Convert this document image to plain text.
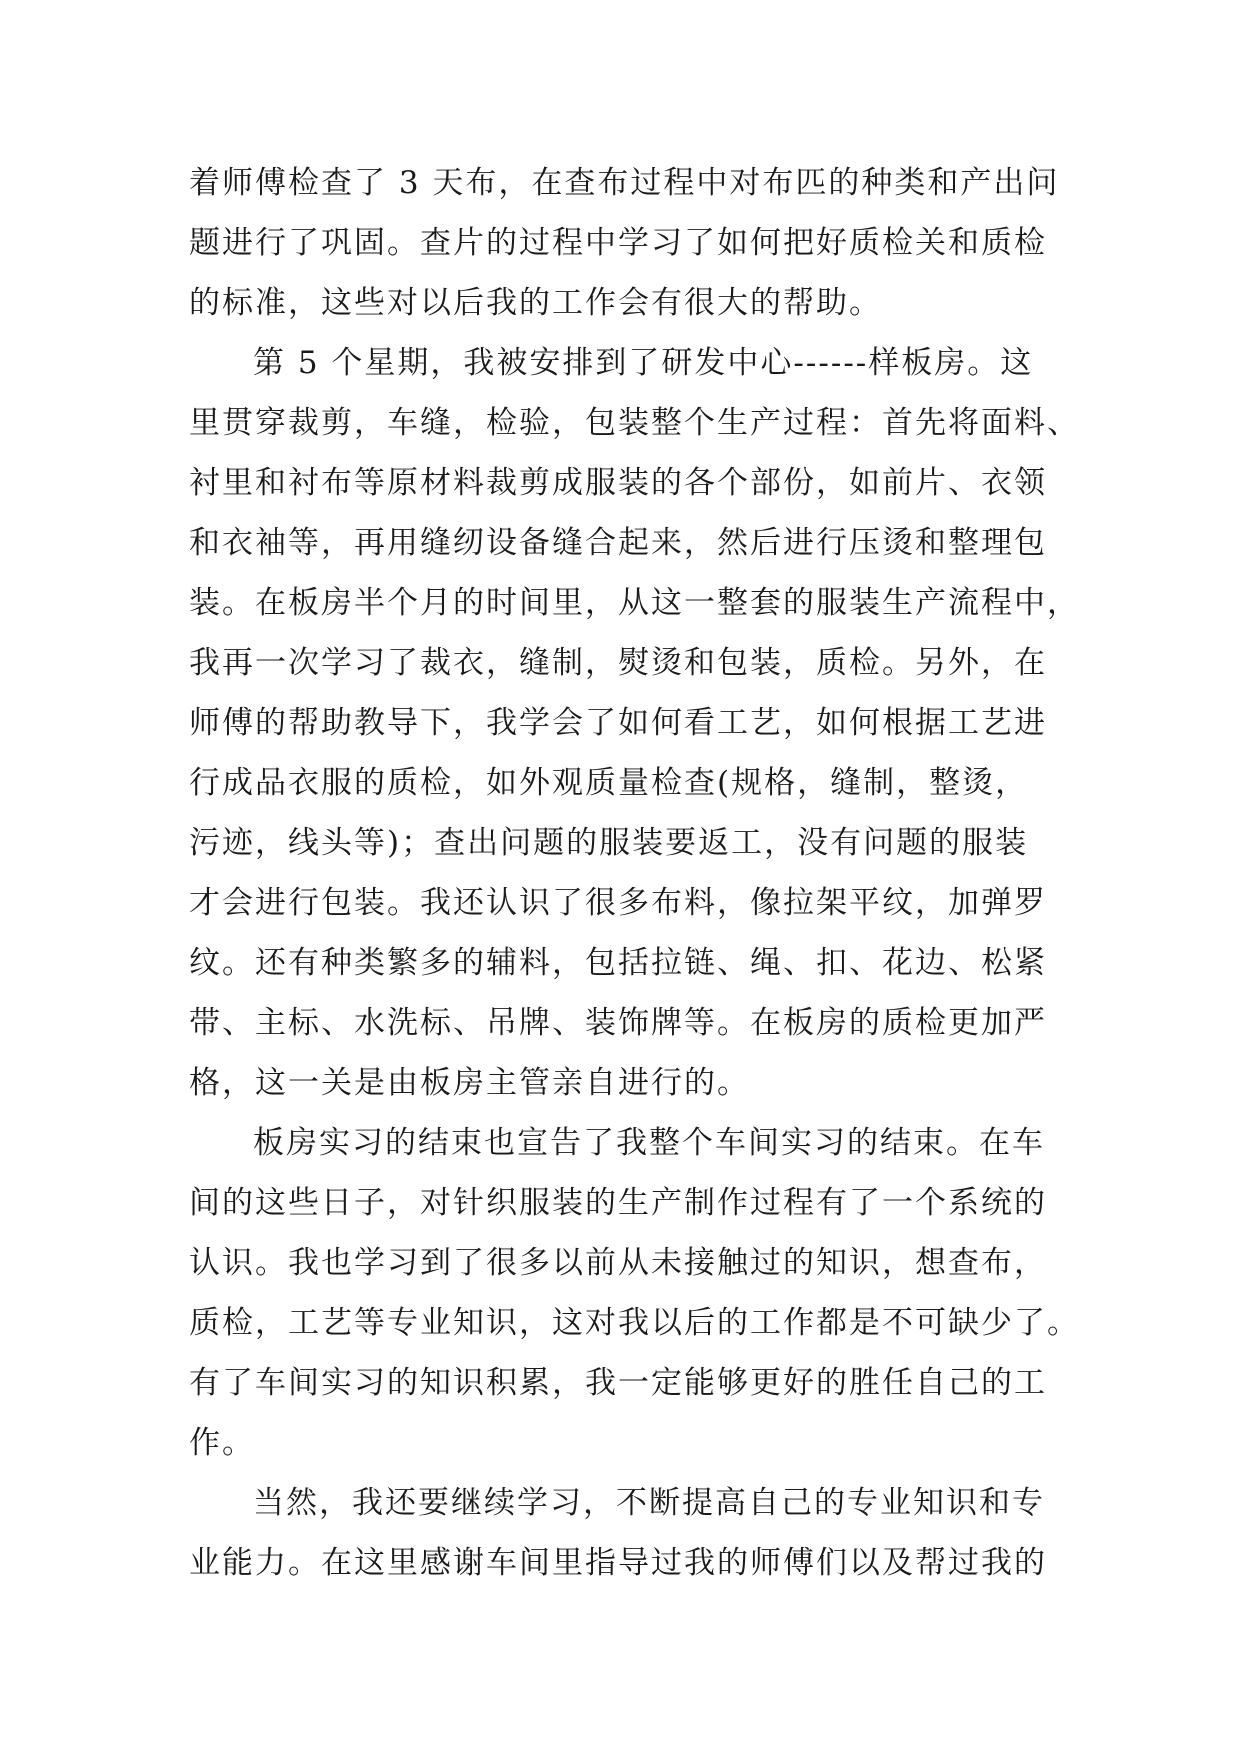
着师傅检查了 3 天布，在查布过程中对布匹的种类和产出问
题进行了巩固。查片的过程中学习了如何把好质检关和质检
的标准，这些对以后我的工作会有很大的帮助。
第 5 个星期，我被安排到了研发中心------样板房。这
里贯穿裁剪，车缝，检验，包装整个生产过程：首先将面料、
衬里和衬布等原材料裁剪成服装的各个部份，如前片、衣领
和衣袖等，再用缝纫设备缝合起来，然后进行压烫和整理包
装。在板房半个月的时间里，从这一整套的服装生产流程中，
我再一次学习了裁衣，缝制，熨烫和包装，质检。另外，在
师傅的帮助教导下，我学会了如何看工艺，如何根据工艺进
行成品衣服的质检，如外观质量检查(规格，缝制，整烫，
污迹，线头等)；查出问题的服装要返工，没有问题的服装
才会进行包装。我还认识了很多布料，像拉架平纹，加弹罗
纹。还有种类繁多的辅料，包括拉链、绳、扣、花边、松紧
带、主标、水洗标、吊牌、装饰牌等。在板房的质检更加严
格，这一关是由板房主管亲自进行的。
板房实习的结束也宣告了我整个车间实习的结束。在车
间的这些日子，对针织服装的生产制作过程有了一个系统的
认识。我也学习到了很多以前从未接触过的知识，想查布，
质检，工艺等专业知识，这对我以后的工作都是不可缺少了。
有了车间实习的知识积累，我一定能够更好的胜任自己的工
作。
当然，我还要继续学习，不断提高自己的专业知识和专
业能力。在这里感谢车间里指导过我的师傅们以及帮过我的
